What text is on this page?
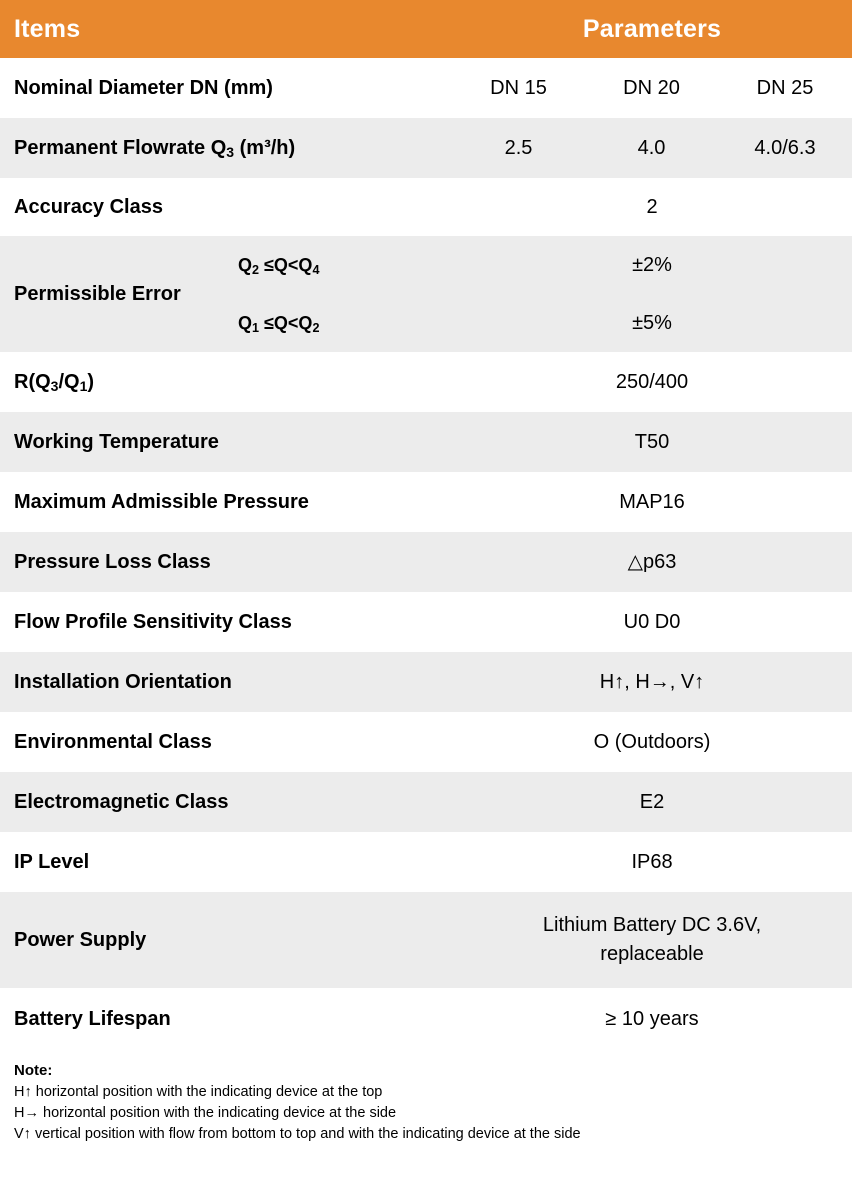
Items		Parameters		
Nominal Diameter DN (mm)		DN 15	DN 20	DN 25
Permanent Flowrate $Q_3$ (m³/h)		2.5	4.0	4.0/6.3
Accuracy Class		2		
Permissible Error	$Q_2 \le Q<Q_4$	±2%		
	$Q_1 \le Q<Q_2$	±5%		
$R(Q_3/Q_1)$		250/400		
Working Temperature		T50		
Maximum Admissible Pressure		MAP16		
Pressure Loss Class		△p63		
Flow Profile Sensitivity Class		U0 D0		
Installation Orientation		H↑, H→, V↑		
Environmental Class		O (Outdoors)		
Electromagnetic Class		E2		
IP Level		IP68		
Power Supply		Lithium Battery DC 3.6V,
replaceable		

Battery Lifespan		≥ 10 years		
Note:
H↑ horizontal position with the indicating device at the top
H→ horizontal position with the indicating device at the side
V↑ vertical position with flow from bottom to top and with the indicating device at the side
